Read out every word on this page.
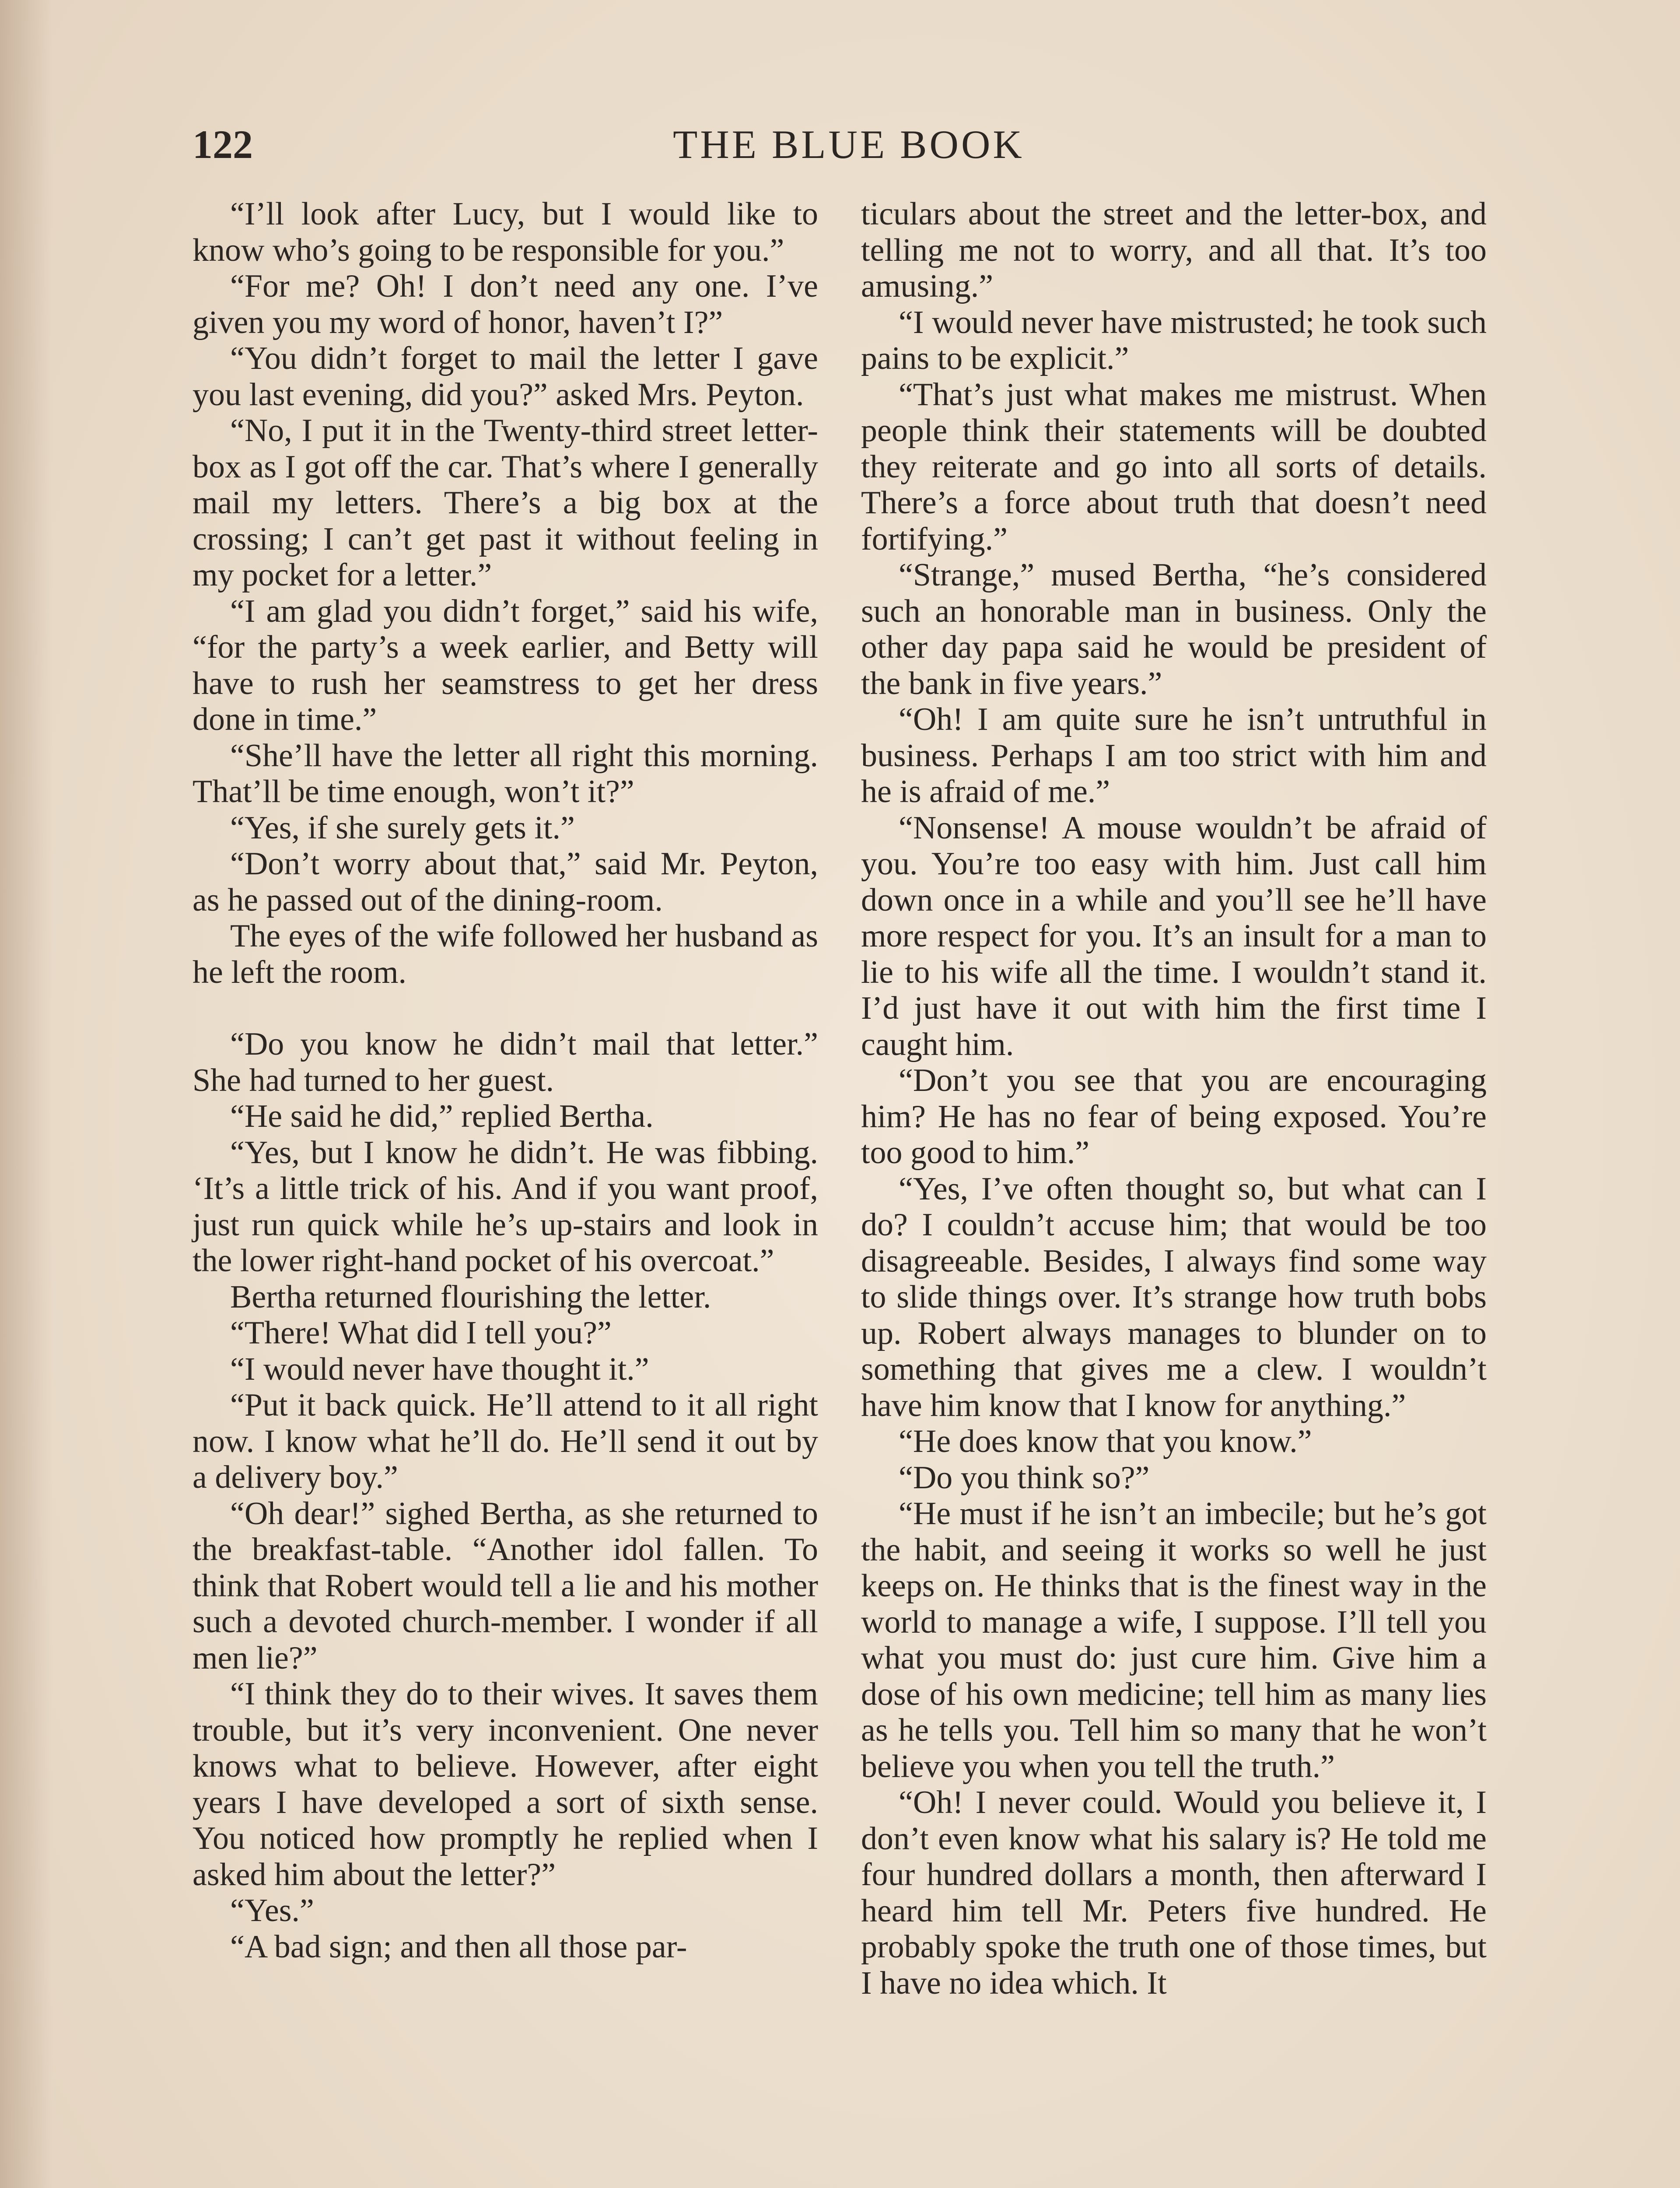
122	THE BLUE BOOK

“I’ll look after Lucy, but I would like to know who’s going to be responsible for you.”

“For me? Oh! I don’t need any one. I’ve given you my word of honor, haven’t I?”

“You didn’t forget to mail the letter I gave you last evening, did you?” asked Mrs. Peyton.

“No, I put it in the Twenty-third street letter-box as I got off the car. That’s where I generally mail my letters. There’s a big box at the crossing; I can’t get past it without feeling in my pocket for a letter.”

“I am glad you didn’t forget,” said his wife, “for the party’s a week earlier, and Betty will have to rush her seamstress to get her dress done in time.”

“She’ll have the letter all right this morning. That’ll be time enough, won’t it?”

“Yes, if she surely gets it.”

“Don’t worry about that,” said Mr. Peyton, as he passed out of the dining-room.

The eyes of the wife followed her husband as he left the room.

“Do you know he didn’t mail that letter.” She had turned to her guest.

“He said he did,” replied Bertha.

“Yes, but I know he didn’t. He was fibbing. ‘It’s a little trick of his. And if you want proof, just run quick while he’s up-stairs and look in the lower right-hand pocket of his overcoat.”

Bertha returned flourishing the letter.

“There! What did I tell you?”

“I would never have thought it.”

“Put it back quick. He’ll attend to it all right now. I know what he’ll do. He’ll send it out by a delivery boy.”

“Oh dear!” sighed Bertha, as she returned to the breakfast-table. “Another idol fallen. To think that Robert would tell a lie and his mother such a devoted church-member. I wonder if all men lie?”

“I think they do to their wives. It saves them trouble, but it’s very inconvenient. One never knows what to believe. However, after eight years I have developed a sort of sixth sense. You noticed how promptly he replied when I asked him about the letter?”

“Yes.”

“A bad sign; and then all those par-

ticulars about the street and the letter-box, and telling me not to worry, and all that. It’s too amusing.”

“I would never have mistrusted; he took such pains to be explicit.”

“That’s just what makes me mistrust. When people think their statements will be doubted they reiterate and go into all sorts of details. There’s a force about truth that doesn’t need fortifying.”

“Strange,” mused Bertha, “he’s considered such an honorable man in business. Only the other day papa said he would be president of the bank in five years.”

“Oh! I am quite sure he isn’t untruthful in business. Perhaps I am too strict with him and he is afraid of me.”

“Nonsense! A mouse wouldn’t be afraid of you. You’re too easy with him. Just call him down once in a while and you’ll see he’ll have more respect for you. It’s an insult for a man to lie to his wife all the time. I wouldn’t stand it. I’d just have it out with him the first time I caught him.

“Don’t you see that you are encouraging him? He has no fear of being exposed. You’re too good to him.”

“Yes, I’ve often thought so, but what can I do? I couldn’t accuse him; that would be too disagreeable. Besides, I always find some way to slide things over. It’s strange how truth bobs up. Robert always manages to blunder on to something that gives me a clew. I wouldn’t have him know that I know for anything.”

“He does know that you know.”

“Do you think so?”

“He must if he isn’t an imbecile; but he’s got the habit, and seeing it works so well he just keeps on. He thinks that is the finest way in the world to manage a wife, I suppose. I’ll tell you what you must do: just cure him. Give him a dose of his own medicine; tell him as many lies as he tells you. Tell him so many that he won’t believe you when you tell the truth.”

“Oh! I never could. Would you believe it, I don’t even know what his salary is? He told me four hundred dollars a month, then afterward I heard him tell Mr. Peters five hundred. He probably spoke the truth one of those times, but I have no idea which. It
